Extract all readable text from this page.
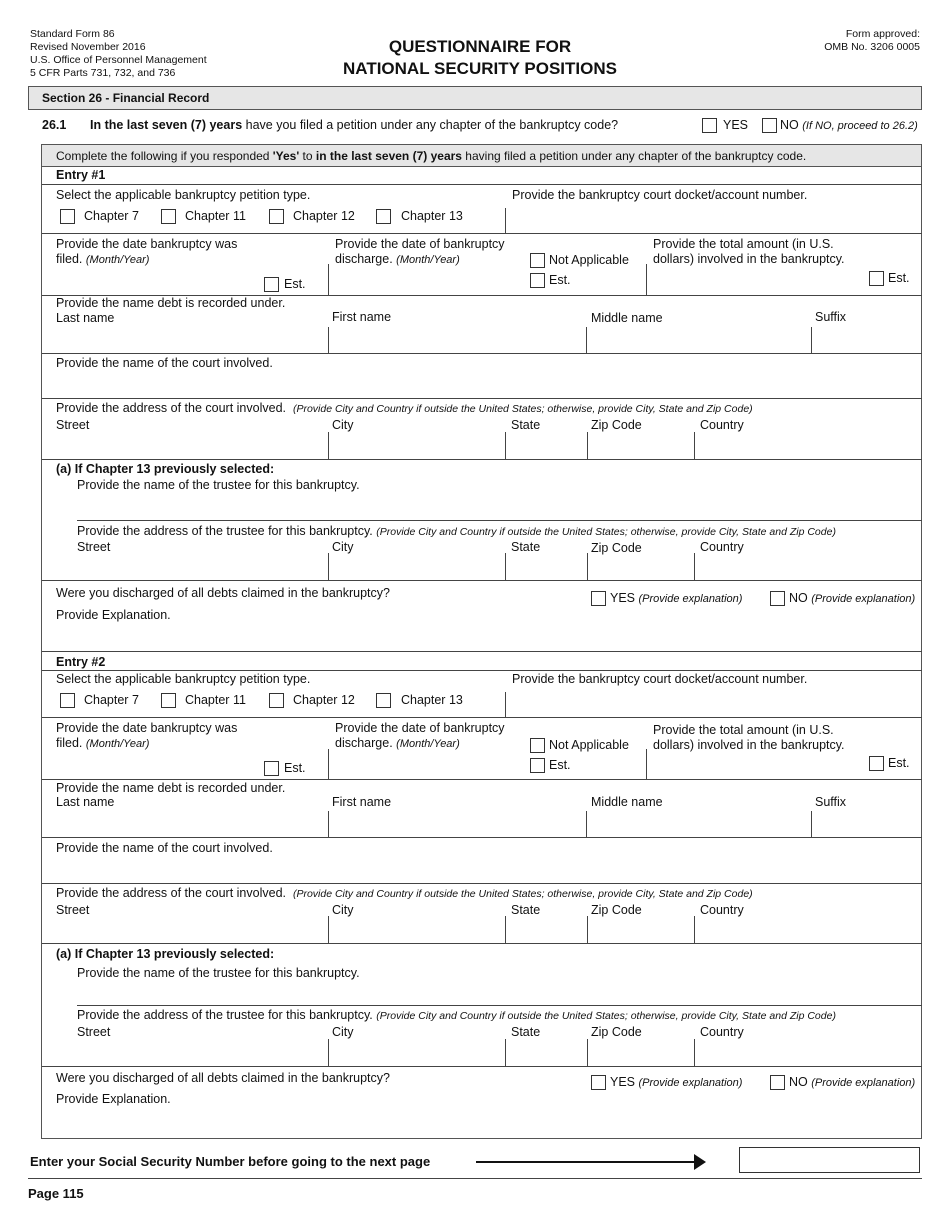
Standard Form 86
Revised November 2016
U.S. Office of Personnel Management
5 CFR Parts 731, 732, and 736
QUESTIONNAIRE FOR
NATIONAL SECURITY POSITIONS
Form approved:
OMB No. 3206 0005
Section 26 - Financial Record
26.1 In the last seven (7) years have you filed a petition under any chapter of the bankruptcy code?	YES	NO (If NO, proceed to 26.2)
Complete the following if you responded 'Yes' to in the last seven (7) years having filed a petition under any chapter of the bankruptcy code.
Entry #1
Select the applicable bankruptcy petition type.
Chapter 7	Chapter 11	Chapter 12	Chapter 13
Provide the bankruptcy court docket/account number.
Provide the date bankruptcy was
filed. (Month/Year)
Est.
Provide the date of bankruptcy
discharge. (Month/Year)	Not Applicable
Est.
Provide the total amount (in U.S.
dollars) involved in the bankruptcy.
Est.
Provide the name debt is recorded under.
Last name	First name	Middle name	Suffix
Provide the name of the court involved.
Provide the address of the court involved. (Provide City and Country if outside the United States; otherwise, provide City, State and Zip Code)
Street	City	State	Zip Code	Country
(a) If Chapter 13 previously selected:
Provide the name of the trustee for this bankruptcy.
Provide the address of the trustee for this bankruptcy. (Provide City and Country if outside the United States; otherwise, provide City, State and Zip Code)
Street	City	State	Zip Code	Country
Were you discharged of all debts claimed in the bankruptcy?	YES (Provide explanation)	NO (Provide explanation)
Provide Explanation.
Entry #2
Select the applicable bankruptcy petition type.
Chapter 7	Chapter 11	Chapter 12	Chapter 13
Provide the bankruptcy court docket/account number.
Provide the date bankruptcy was
filed. (Month/Year)
Est.
Provide the date of bankruptcy
discharge. (Month/Year)	Not Applicable
Est.
Provide the total amount (in U.S.
dollars) involved in the bankruptcy.
Est.
Provide the name debt is recorded under.
Last name	First name	Middle name	Suffix
Provide the name of the court involved.
Provide the address of the court involved. (Provide City and Country if outside the United States; otherwise, provide City, State and Zip Code)
Street	City	State	Zip Code	Country
(a) If Chapter 13 previously selected:
Provide the name of the trustee for this bankruptcy.
Provide the address of the trustee for this bankruptcy. (Provide City and Country if outside the United States; otherwise, provide City, State and Zip Code)
Street	City	State	Zip Code	Country
Were you discharged of all debts claimed in the bankruptcy?	YES (Provide explanation)	NO (Provide explanation)
Provide Explanation.
Enter your Social Security Number before going to the next page
Page 115
